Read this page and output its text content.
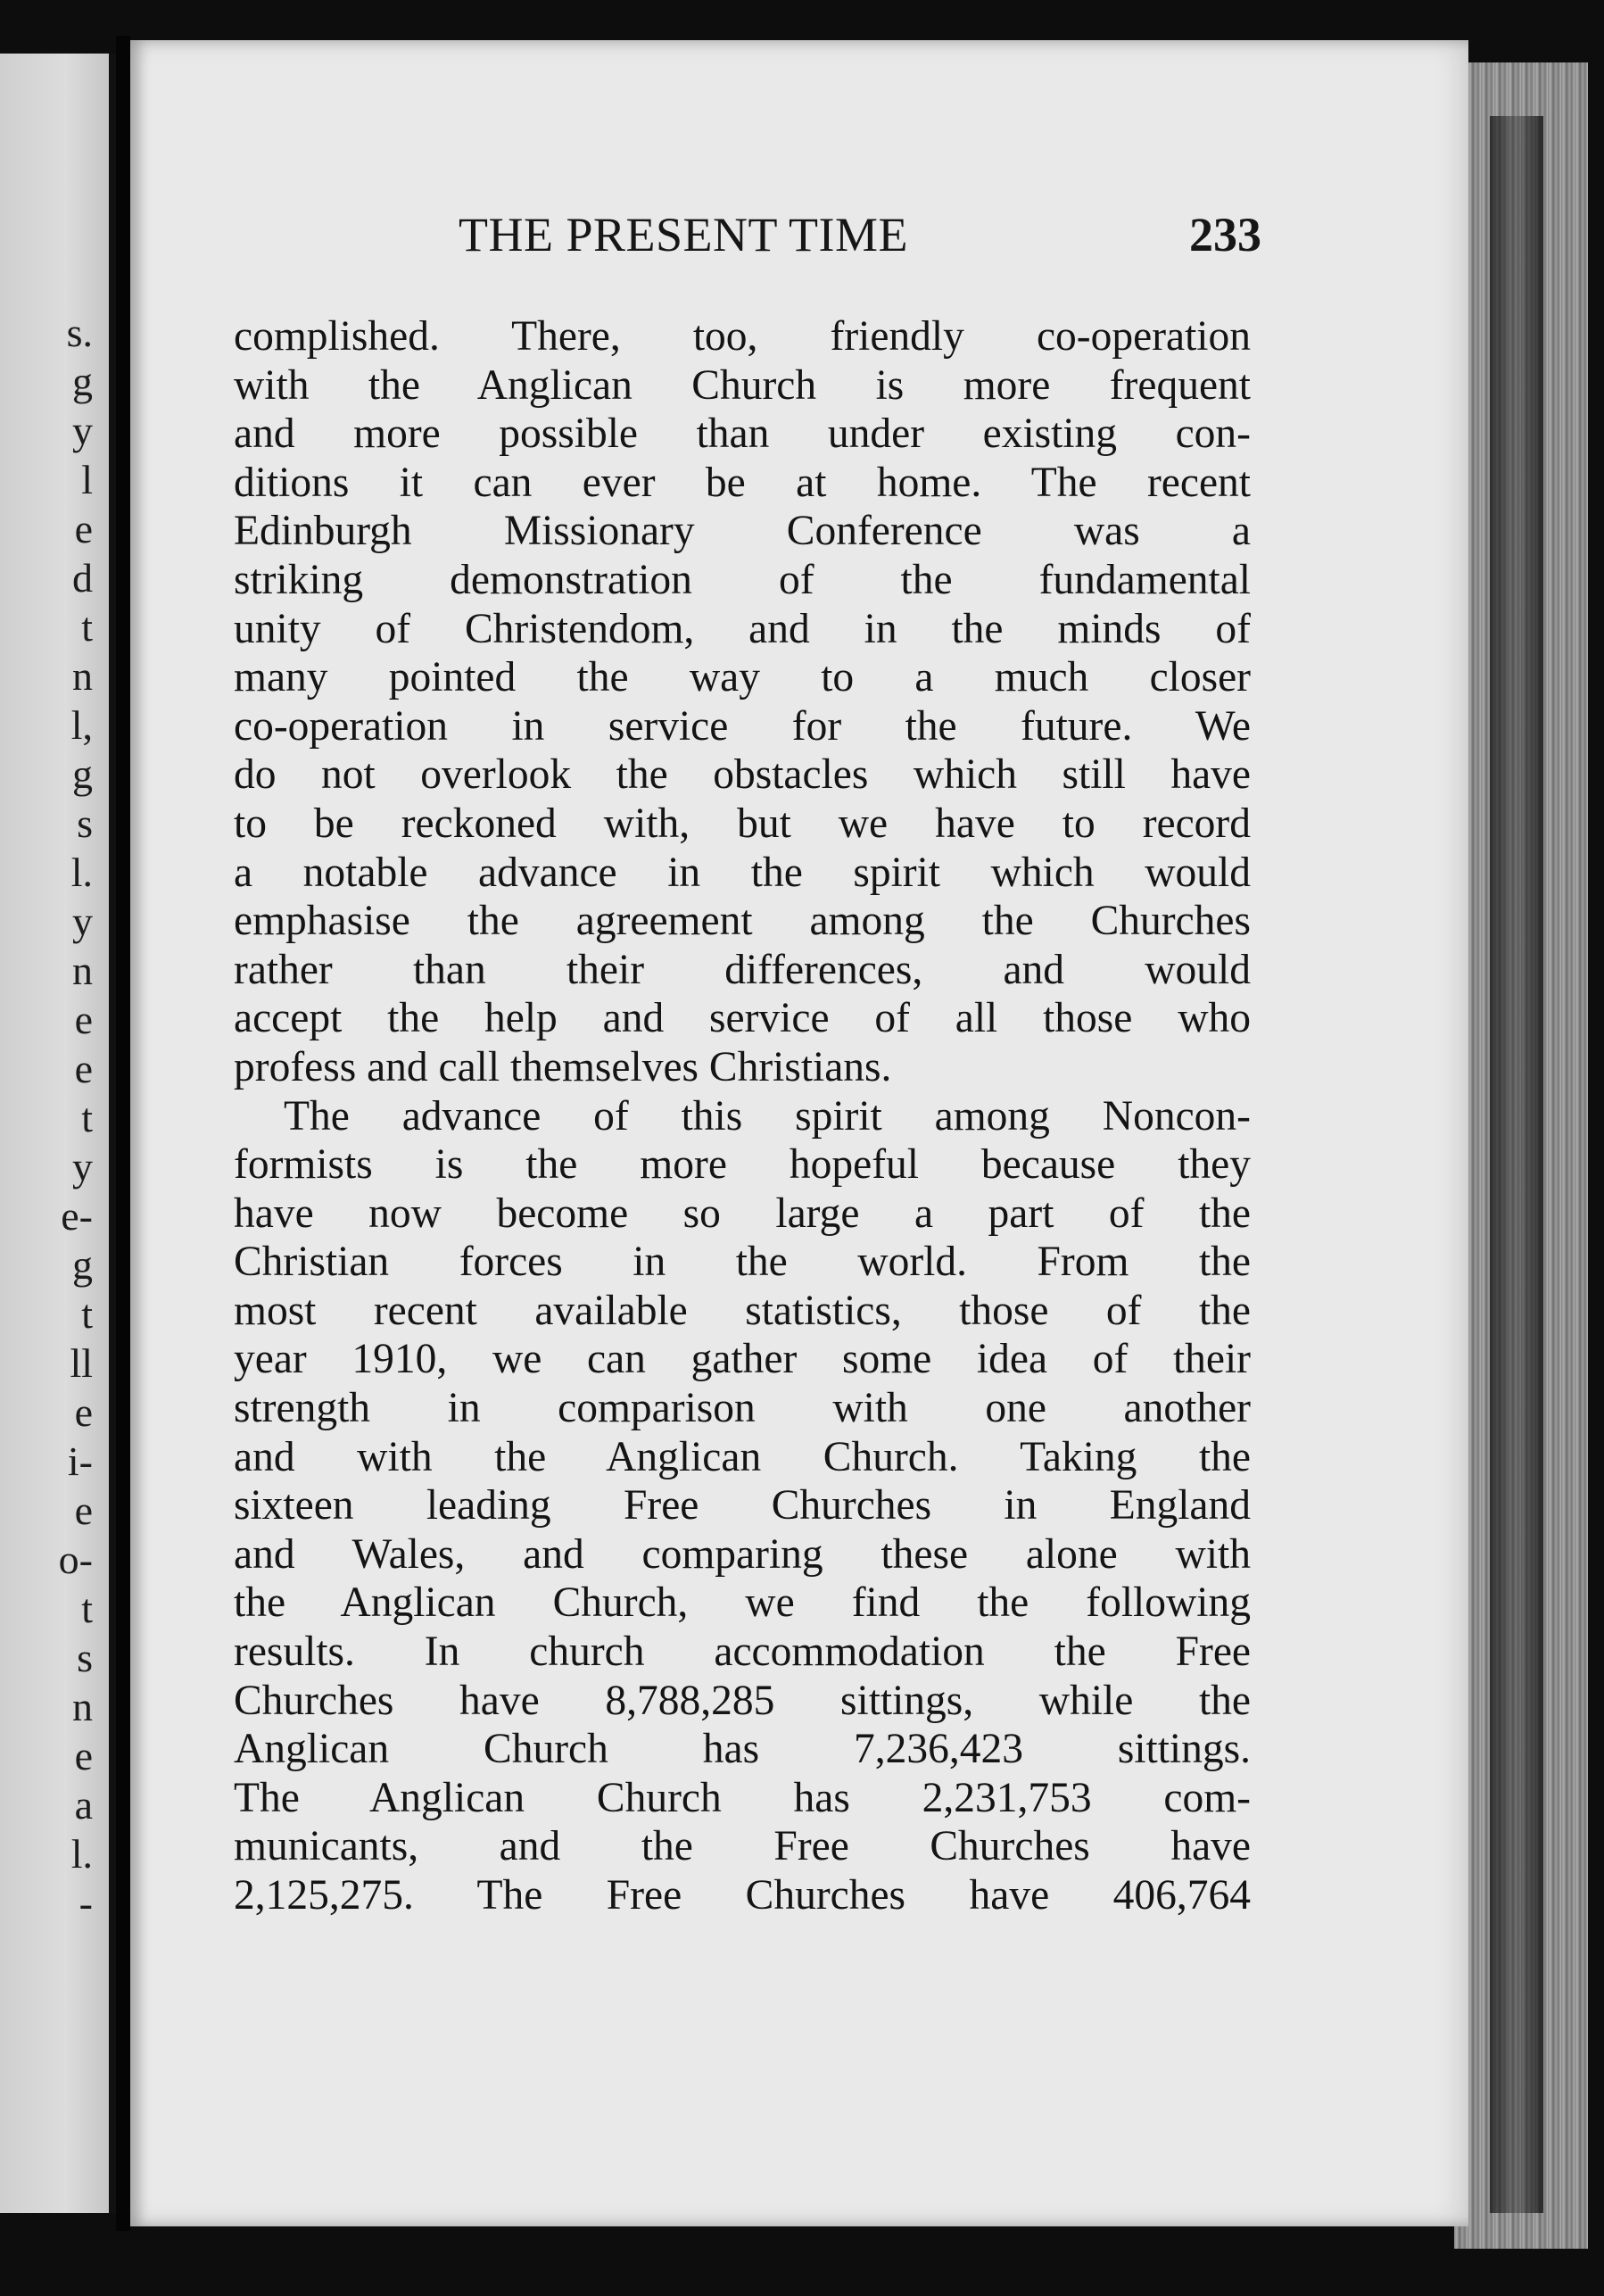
s.
g
y
l
e
d
t
n
l,
g
s
l.
y
n
e
e
t
y
e-
g
t
ll
e
i-
e
o-
t
s
n
e
a
l.
-
THE PRESENT TIME	233
complished. There, too, friendly co-operation
with the Anglican Church is more frequent
and more possible than under existing con-
ditions it can ever be at home. The recent
Edinburgh Missionary Conference was a
striking demonstration of the fundamental
unity of Christendom, and in the minds of
many pointed the way to a much closer
co-operation in service for the future. We
do not overlook the obstacles which still have
to be reckoned with, but we have to record
a notable advance in the spirit which would
emphasise the agreement among the Churches
rather than their differences, and would
accept the help and service of all those who
profess and call themselves Christians.
The advance of this spirit among Noncon-
formists is the more hopeful because they
have now become so large a part of the
Christian forces in the world. From the
most recent available statistics, those of the
year 1910, we can gather some idea of their
strength in comparison with one another
and with the Anglican Church. Taking the
sixteen leading Free Churches in England
and Wales, and comparing these alone with
the Anglican Church, we find the following
results. In church accommodation the Free
Churches have 8,788,285 sittings, while the
Anglican Church has 7,236,423 sittings.
The Anglican Church has 2,231,753 com-
municants, and the Free Churches have
2,125,275. The Free Churches have 406,764
